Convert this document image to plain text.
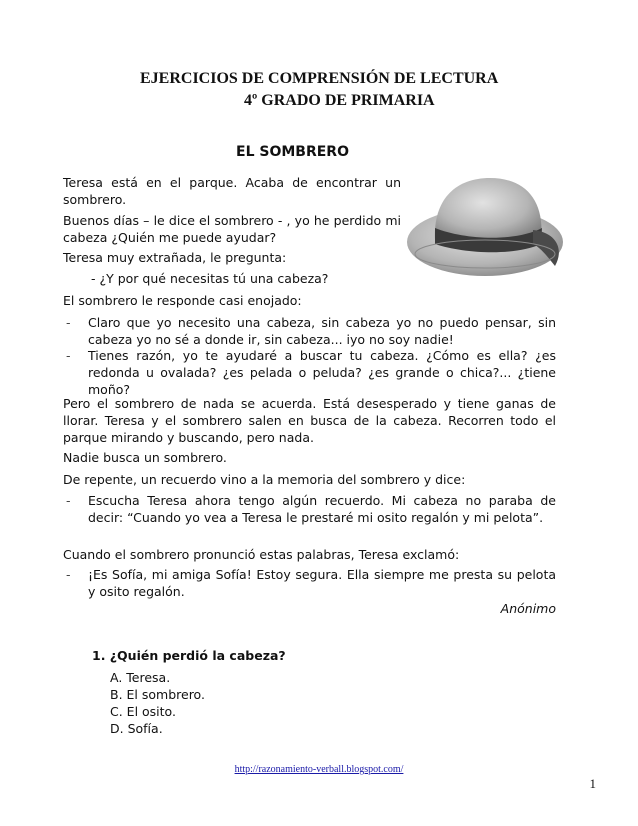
EJERCICIOS DE COMPRENSIÓN DE LECTURA
4º GRADO DE PRIMARIA
EL SOMBRERO
Teresa está en el parque. Acaba de encontrar un sombrero.
Buenos días – le dice el sombrero - , yo he perdido mi cabeza ¿Quién me puede ayudar?
Teresa muy extrañada, le pregunta:
- ¿Y por qué necesitas tú una cabeza?
El sombrero le responde casi enojado:
- Claro que yo necesito una cabeza, sin cabeza yo no puedo pensar, sin cabeza yo no sé a donde ir, sin cabeza... iyo no soy nadie!
- Tienes razón, yo te ayudaré a buscar tu cabeza. ¿Cómo es ella? ¿es redonda u ovalada? ¿es pelada o peluda? ¿es grande o chica?... ¿tiene moño?
Pero el sombrero de nada se acuerda. Está desesperado y tiene ganas de llorar. Teresa y el sombrero salen en busca de la cabeza. Recorren todo el parque mirando y buscando, pero nada.
Nadie busca un sombrero.
De repente, un recuerdo vino a la memoria del sombrero y dice:
- Escucha Teresa ahora tengo algún recuerdo. Mi cabeza no paraba de decir: “Cuando yo vea a Teresa le prestaré mi osito regalón y mi pelota”.
Cuando el sombrero pronunció estas palabras, Teresa exclamó:
- ¡Es Sofía, mi amiga Sofía! Estoy segura. Ella siempre me presta su pelota y osito regalón.
Anónimo
1. ¿Quién perdió la cabeza?
A. Teresa.
B. El sombrero.
C. El osito.
D. Sofía.
http://razonamiento-verball.blogspot.com/
1
